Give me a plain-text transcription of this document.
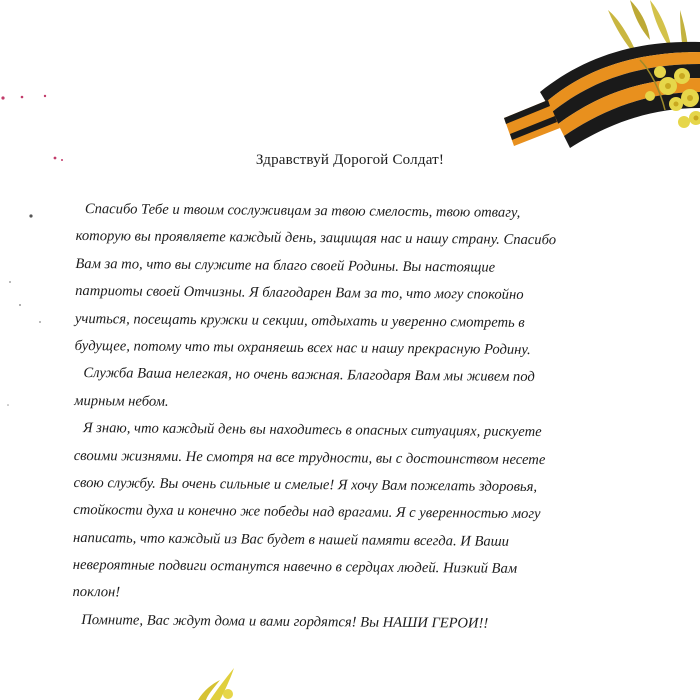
Здравствуй Дорогой Солдат!
Спасибо Тебе и твоим сослуживцам за твою смелость, твою отвагу,
которую вы проявляете каждый день, защищая нас и нашу страну. Спасибо
Вам за то, что вы служите на благо своей Родины. Вы настоящие
патриоты своей Отчизны. Я благодарен Вам за то, что могу спокойно
учиться, посещать кружки и секции, отдыхать и уверенно смотреть в
будущее, потому что ты охраняешь всех нас и нашу прекрасную Родину.
Служба Ваша нелегкая, но очень важная. Благодаря Вам мы живем под
мирным небом.
Я знаю, что каждый день вы находитесь в опасных ситуациях, рискуете
своими жизнями. Не смотря на все трудности, вы с достоинством несете
свою службу. Вы очень сильные и смелые! Я хочу Вам пожелать здоровья,
стойкости духа и конечно же победы над врагами. Я с уверенностью могу
написать, что каждый из Вас будет в нашей памяти всегда. И Ваши
невероятные подвиги останутся навечно в сердцах людей. Низкий Вам
поклон!
Помните, Вас ждут дома и вами гордятся! Вы НАШИ ГЕРОИ!!
